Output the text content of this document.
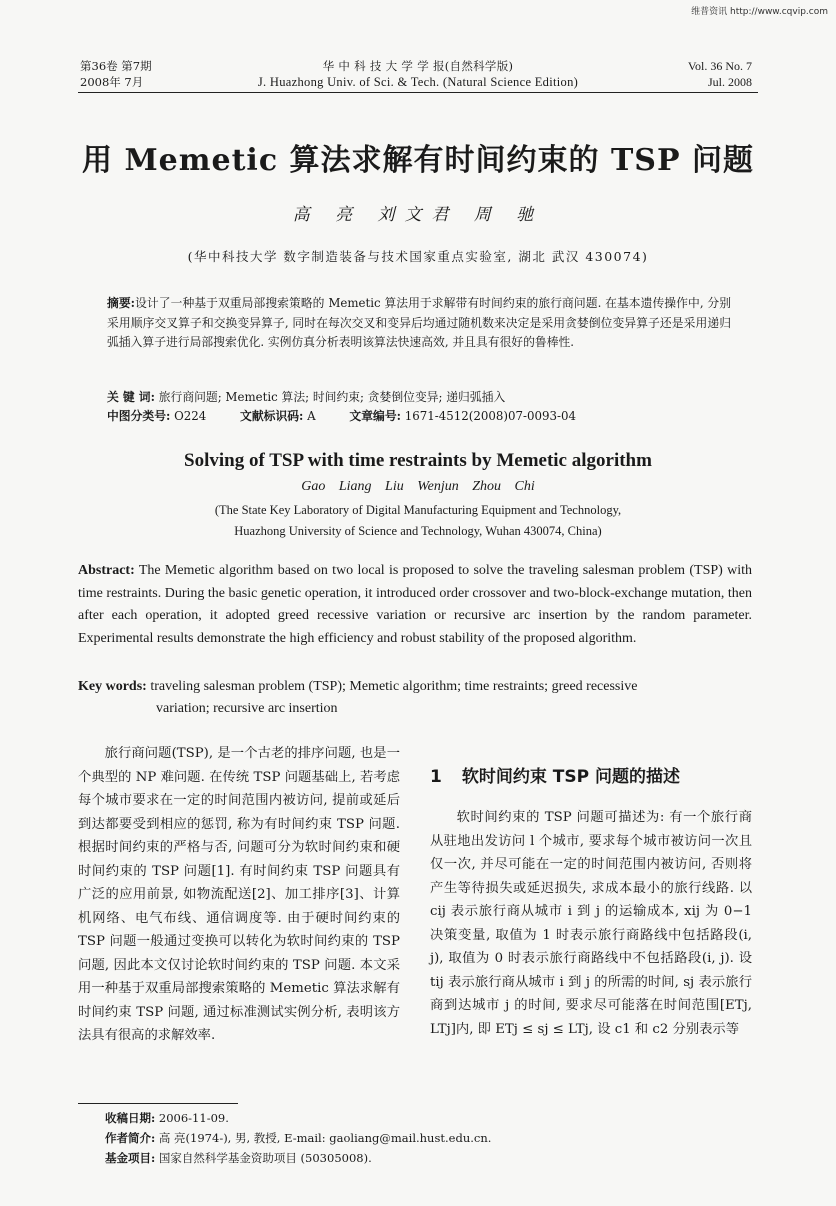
维普资讯 http://www.cqvip.com
第36卷 第7期
2008年 7月
华 中 科 技 大 学 学 报(自然科学版)
J. Huazhong Univ. of Sci. & Tech. (Natural Science Edition)
Vol. 36 No. 7
Jul. 2008
用 Memetic 算法求解有时间约束的 TSP 问题
高 亮 刘文君 周 驰
(华中科技大学 数字制造装备与技术国家重点实验室, 湖北 武汉 430074)
摘要:设计了一种基于双重局部搜索策略的 Memetic 算法用于求解带有时间约束的旅行商问题. 在基本遗传操作中, 分别采用顺序交叉算子和交换变异算子, 同时在每次交叉和变异后均通过随机数来决定是采用贪婪倒位变异算子还是采用递归弧插入算子进行局部搜索优化. 实例仿真分析表明该算法快速高效, 并且具有很好的鲁棒性.
关 键 词: 旅行商问题; Memetic 算法; 时间约束; 贪婪倒位变异; 递归弧插入
中图分类号: O224	文献标识码: A	文章编号: 1671-4512(2008)07-0093-04
Solving of TSP with time restraints by Memetic algorithm
Gao Liang Liu Wenjun Zhou Chi
(The State Key Laboratory of Digital Manufacturing Equipment and Technology,
Huazhong University of Science and Technology, Wuhan 430074, China)
Abstract: The Memetic algorithm based on two local is proposed to solve the traveling salesman problem (TSP) with time restraints. During the basic genetic operation, it introduced order crossover and two-block-exchange mutation, then after each operation, it adopted greed recessive variation or recursive arc insertion by the random parameter. Experimental results demonstrate the high efficiency and robust stability of the proposed algorithm.
Key words: traveling salesman problem (TSP); Memetic algorithm; time restraints; greed recessive
variation; recursive arc insertion
旅行商问题(TSP), 是一个古老的排序问题, 也是一个典型的 NP 难问题. 在传统 TSP 问题基础上, 若考虑每个城市要求在一定的时间范围内被访问, 提前或延后到达都要受到相应的惩罚, 称为有时间约束 TSP 问题. 根据时间约束的严格与否, 问题可分为软时间约束和硬时间约束的 TSP 问题[1]. 有时间约束 TSP 问题具有广泛的应用前景, 如物流配送[2]、加工排序[3]、计算机网络、电气布线、通信调度等. 由于硬时间约束的 TSP 问题一般通过变换可以转化为软时间约束的 TSP 问题, 因此本文仅讨论软时间约束的 TSP 问题. 本文采用一种基于双重局部搜索策略的 Memetic 算法求解有时间约束 TSP 问题, 通过标准测试实例分析, 表明该方法具有很高的求解效率.
1 软时间约束 TSP 问题的描述
软时间约束的 TSP 问题可描述为: 有一个旅行商从驻地出发访问 l 个城市, 要求每个城市被访问一次且仅一次, 并尽可能在一定的时间范围内被访问, 否则将产生等待损失或延迟损失, 求成本最小的旅行线路. 以 cij 表示旅行商从城市 i 到 j 的运输成本, xij 为 0−1 决策变量, 取值为 1 时表示旅行商路线中包括路段(i, j), 取值为 0 时表示旅行商路线中不包括路段(i, j). 设 tij 表示旅行商从城市 i 到 j 的所需的时间, sj 表示旅行商到达城市 j 的时间, 要求尽可能落在时间范围[ETj, LTj]内, 即 ETj ≤ sj ≤ LTj, 设 c1 和 c2 分别表示等
收稿日期: 2006-11-09.
作者简介: 高 亮(1974-), 男, 教授, E-mail: gaoliang@mail.hust.edu.cn.
基金项目: 国家自然科学基金资助项目 (50305008).
